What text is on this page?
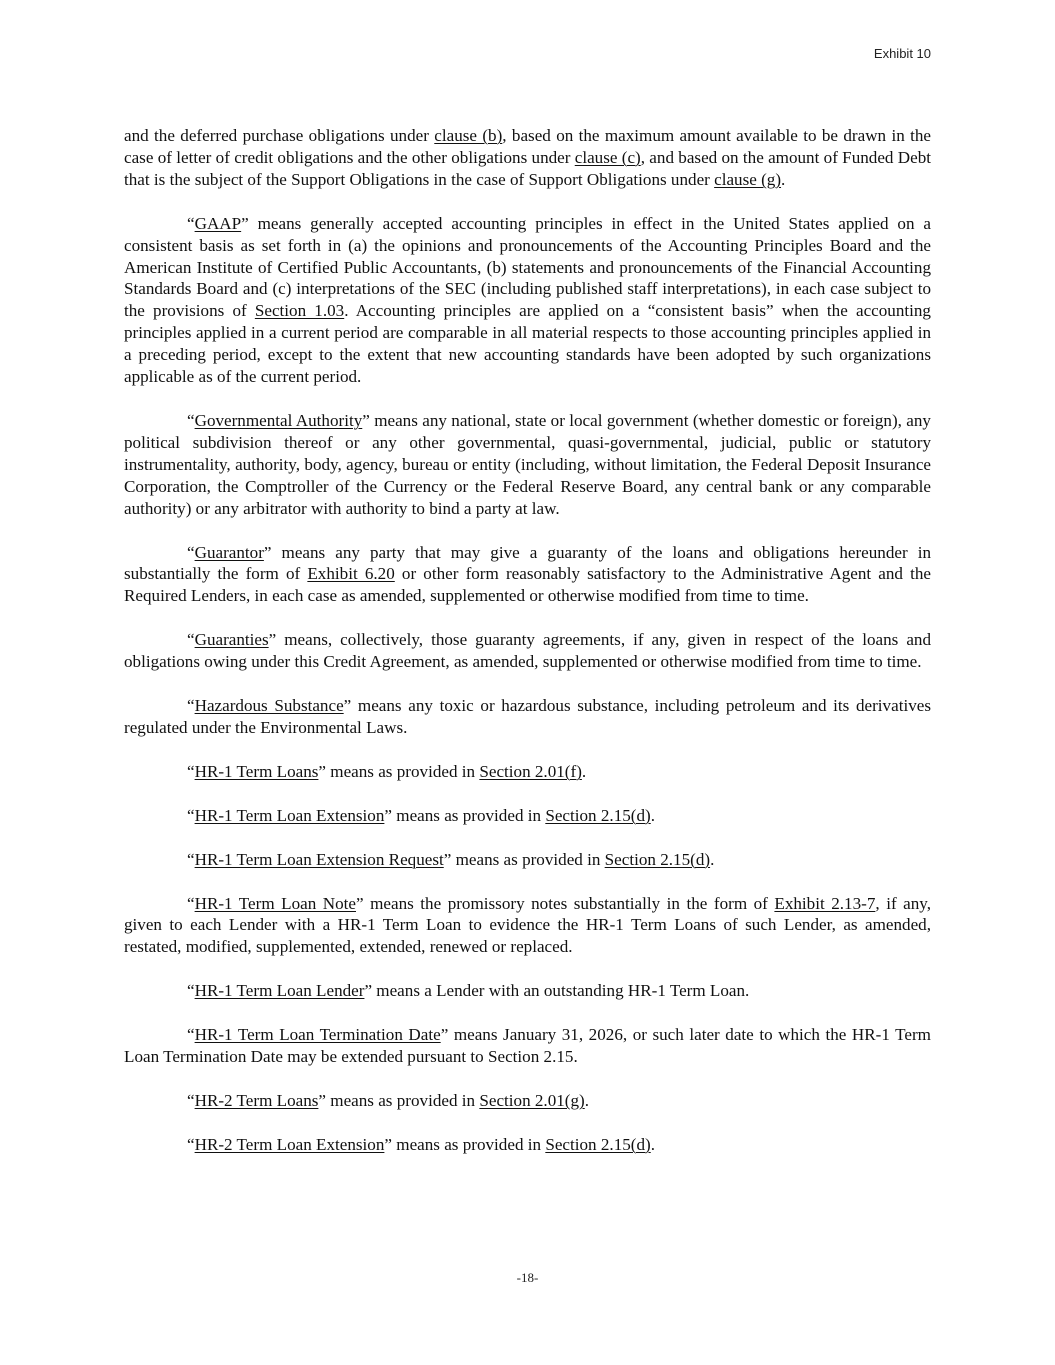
Exhibit 10

and the deferred purchase obligations under clause (b), based on the maximum amount available to be drawn in the case of letter of credit obligations and the other obligations under clause (c), and based on the amount of Funded Debt that is the subject of the Support Obligations in the case of Support Obligations under clause (g).

“GAAP” means generally accepted accounting principles in effect in the United States applied on a consistent basis as set forth in (a) the opinions and pronouncements of the Accounting Principles Board and the American Institute of Certified Public Accountants, (b) statements and pronouncements of the Financial Accounting Standards Board and (c) interpretations of the SEC (including published staff interpretations), in each case subject to the provisions of Section 1.03. Accounting principles are applied on a “consistent basis” when the accounting principles applied in a current period are comparable in all material respects to those accounting principles applied in a preceding period, except to the extent that new accounting standards have been adopted by such organizations applicable as of the current period.

“Governmental Authority” means any national, state or local government (whether domestic or foreign), any political subdivision thereof or any other governmental, quasi-governmental, judicial, public or statutory instrumentality, authority, body, agency, bureau or entity (including, without limitation, the Federal Deposit Insurance Corporation, the Comptroller of the Currency or the Federal Reserve Board, any central bank or any comparable authority) or any arbitrator with authority to bind a party at law.

“Guarantor” means any party that may give a guaranty of the loans and obligations hereunder in substantially the form of Exhibit 6.20 or other form reasonably satisfactory to the Administrative Agent and the Required Lenders, in each case as amended, supplemented or otherwise modified from time to time.

“Guaranties” means, collectively, those guaranty agreements, if any, given in respect of the loans and obligations owing under this Credit Agreement, as amended, supplemented or otherwise modified from time to time.

“Hazardous Substance” means any toxic or hazardous substance, including petroleum and its derivatives regulated under the Environmental Laws.

“HR-1 Term Loans” means as provided in Section 2.01(f).

“HR-1 Term Loan Extension” means as provided in Section 2.15(d).

“HR-1 Term Loan Extension Request” means as provided in Section 2.15(d).

“HR-1 Term Loan Note” means the promissory notes substantially in the form of Exhibit 2.13-7, if any, given to each Lender with a HR-1 Term Loan to evidence the HR-1 Term Loans of such Lender, as amended, restated, modified, supplemented, extended, renewed or replaced.

“HR-1 Term Loan Lender” means a Lender with an outstanding HR-1 Term Loan.

“HR-1 Term Loan Termination Date” means January 31, 2026, or such later date to which the HR-1 Term Loan Termination Date may be extended pursuant to Section 2.15.

“HR-2 Term Loans” means as provided in Section 2.01(g).

“HR-2 Term Loan Extension” means as provided in Section 2.15(d).

-18-
